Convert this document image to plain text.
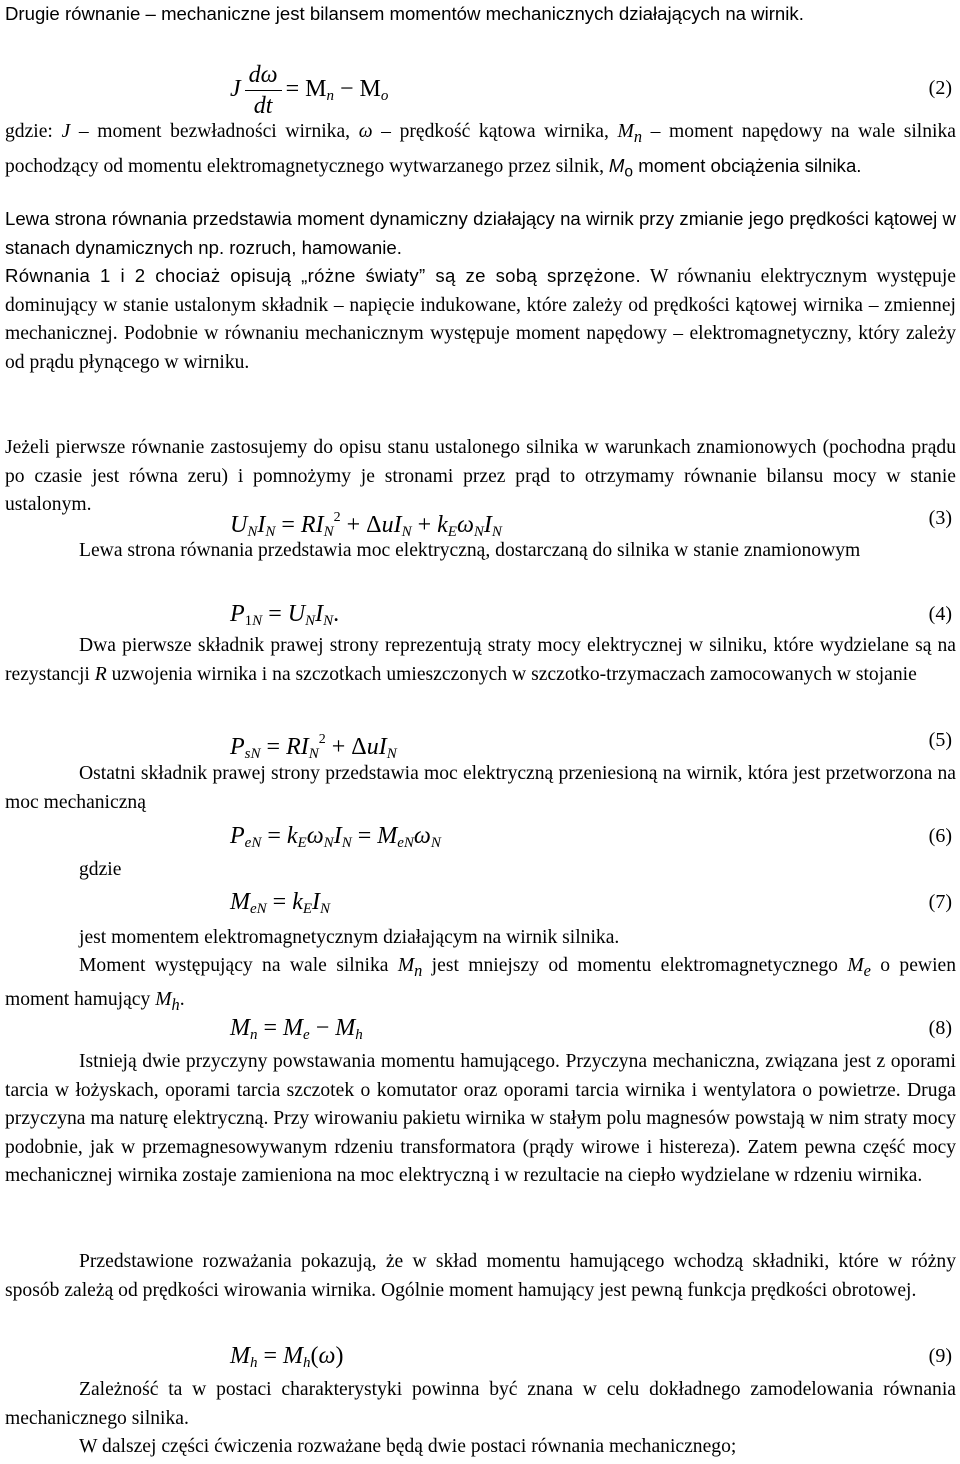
Drugie równanie – mechaniczne jest bilansem momentów mechanicznych działających na wirnik.

J $\frac{d\omega}{dt} = M_n - M_o$	(2)

gdzie: J – moment bezwładności wirnika, ω – prędkość kątowa wirnika, $M_n$ – moment napędowy na wale silnika pochodzący od momentu elektromagnetycznego wytwarzanego przez silnik, $M_o$ moment obciążenia silnika.

Lewa strona równania przedstawia moment dynamiczny działający na wirnik przy zmianie jego prędkości kątowej w stanach dynamicznych np. rozruch, hamowanie.

Równania 1 i 2 chociaż opisują „różne światy” są ze sobą sprzężone. W równaniu elektrycznym występuje dominujący w stanie ustalonym składnik – napięcie indukowane, które zależy od prędkości kątowej wirnika – zmiennej mechanicznej. Podobnie w równaniu mechanicznym występuje moment napędowy – elektromagnetyczny, który zależy od prądu płynącego w wirniku.

Jeżeli pierwsze równanie zastosujemy do opisu stanu ustalonego silnika w warunkach znamionowych (pochodna prądu po czasie jest równa zeru) i pomnożymy je stronami przez prąd to otrzymamy równanie bilansu mocy w stanie ustalonym.

$U_NI_N = RI_N^2 + \Delta uI_N + k_E\omega_NI_N$
(3)

Lewa strona równania przedstawia moc elektryczną, dostarczaną do silnika w stanie znamionowym

$P_{1N} = U_NI_N$.	(4)

Dwa pierwsze składnik prawej strony reprezentują straty mocy elektrycznej w silniku, które wydzielane są na rezystancji R uzwojenia wirnika i na szczotkach umieszczonych w szczotko-trzymaczach zamocowanych w stojanie

$P_{sN} = RI_N^2 + \Delta uI_N$
(5)

Ostatni składnik prawej strony przedstawia moc elektryczną przeniesioną na wirnik, która jest przetworzona na moc mechaniczną

$P_{eN} = k_E\omega_NI_N = M_{eN}\omega_N$	(6)

gdzie

$M_{eN} = k_EI_N$	(7)

jest momentem elektromagnetycznym działającym na wirnik silnika.

Moment występujący na wale silnika $M_n$ jest mniejszy od momentu elektromagnetycznego $M_e$ o pewien moment hamujący $M_h$.

$M_n = M_e - M_h$	(8)

Istnieją dwie przyczyny powstawania momentu hamującego. Przyczyna mechaniczna, związana jest z oporami tarcia w łożyskach, oporami tarcia szczotek o komutator oraz oporami tarcia wirnika i wentylatora o powietrze. Druga przyczyna ma naturę elektryczną. Przy wirowaniu pakietu wirnika w stałym polu magnesów powstają w nim straty mocy podobnie, jak w przemagnesowywanym rdzeniu transformatora (prądy wirowe i histereza). Zatem pewna część mocy mechanicznej wirnika zostaje zamieniona na moc elektryczną i w rezultacie na ciepło wydzielane w rdzeniu wirnika.

Przedstawione rozważania pokazują, że w skład momentu hamującego wchodzą składniki, które w różny sposób zależą od prędkości wirowania wirnika. Ogólnie moment hamujący jest pewną funkcja prędkości obrotowej.

$M_h = M_h(\omega)$	(9)

Zależność ta w postaci charakterystyki powinna być znana w celu dokładnego zamodelowania równania mechanicznego silnika.

W dalszej części ćwiczenia rozważane będą dwie postaci równania mechanicznego;
